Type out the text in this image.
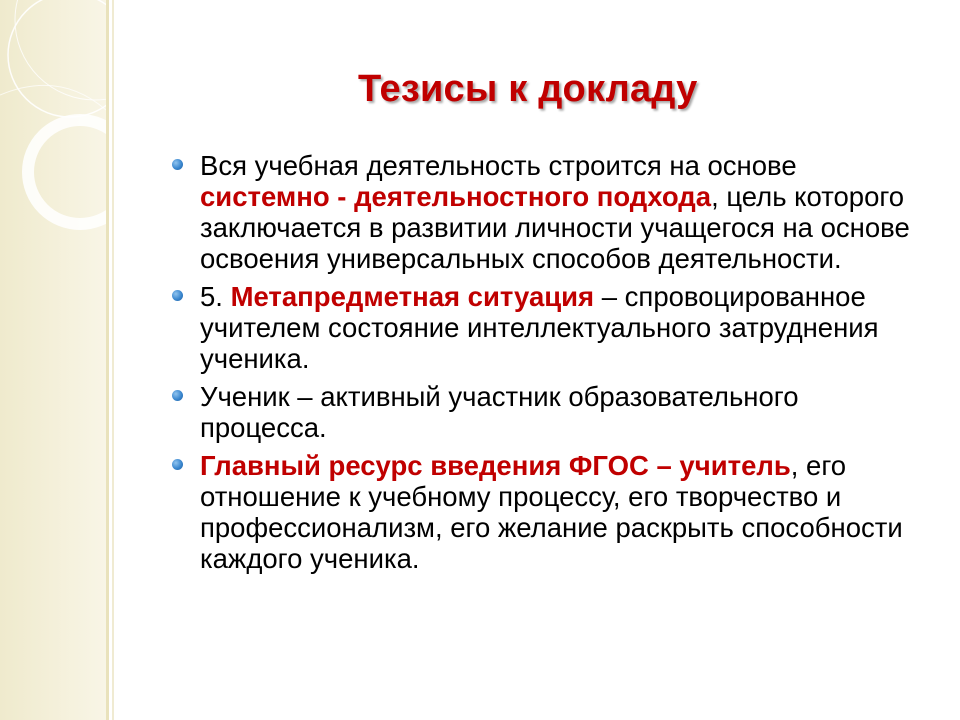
Тезисы к докладу
Вся учебная деятельность строится на основе системно - деятельностного подхода, цель которого заключается в развитии личности учащегося на основе освоения универсальных способов деятельности.
5. Метапредметная ситуация – спровоцированное учителем состояние интеллектуального затруднения ученика.
Ученик – активный участник образовательного процесса.
Главный ресурс введения ФГОС – учитель, его отношение к учебному процессу, его творчество и профессионализм, его желание раскрыть способности каждого ученика.
